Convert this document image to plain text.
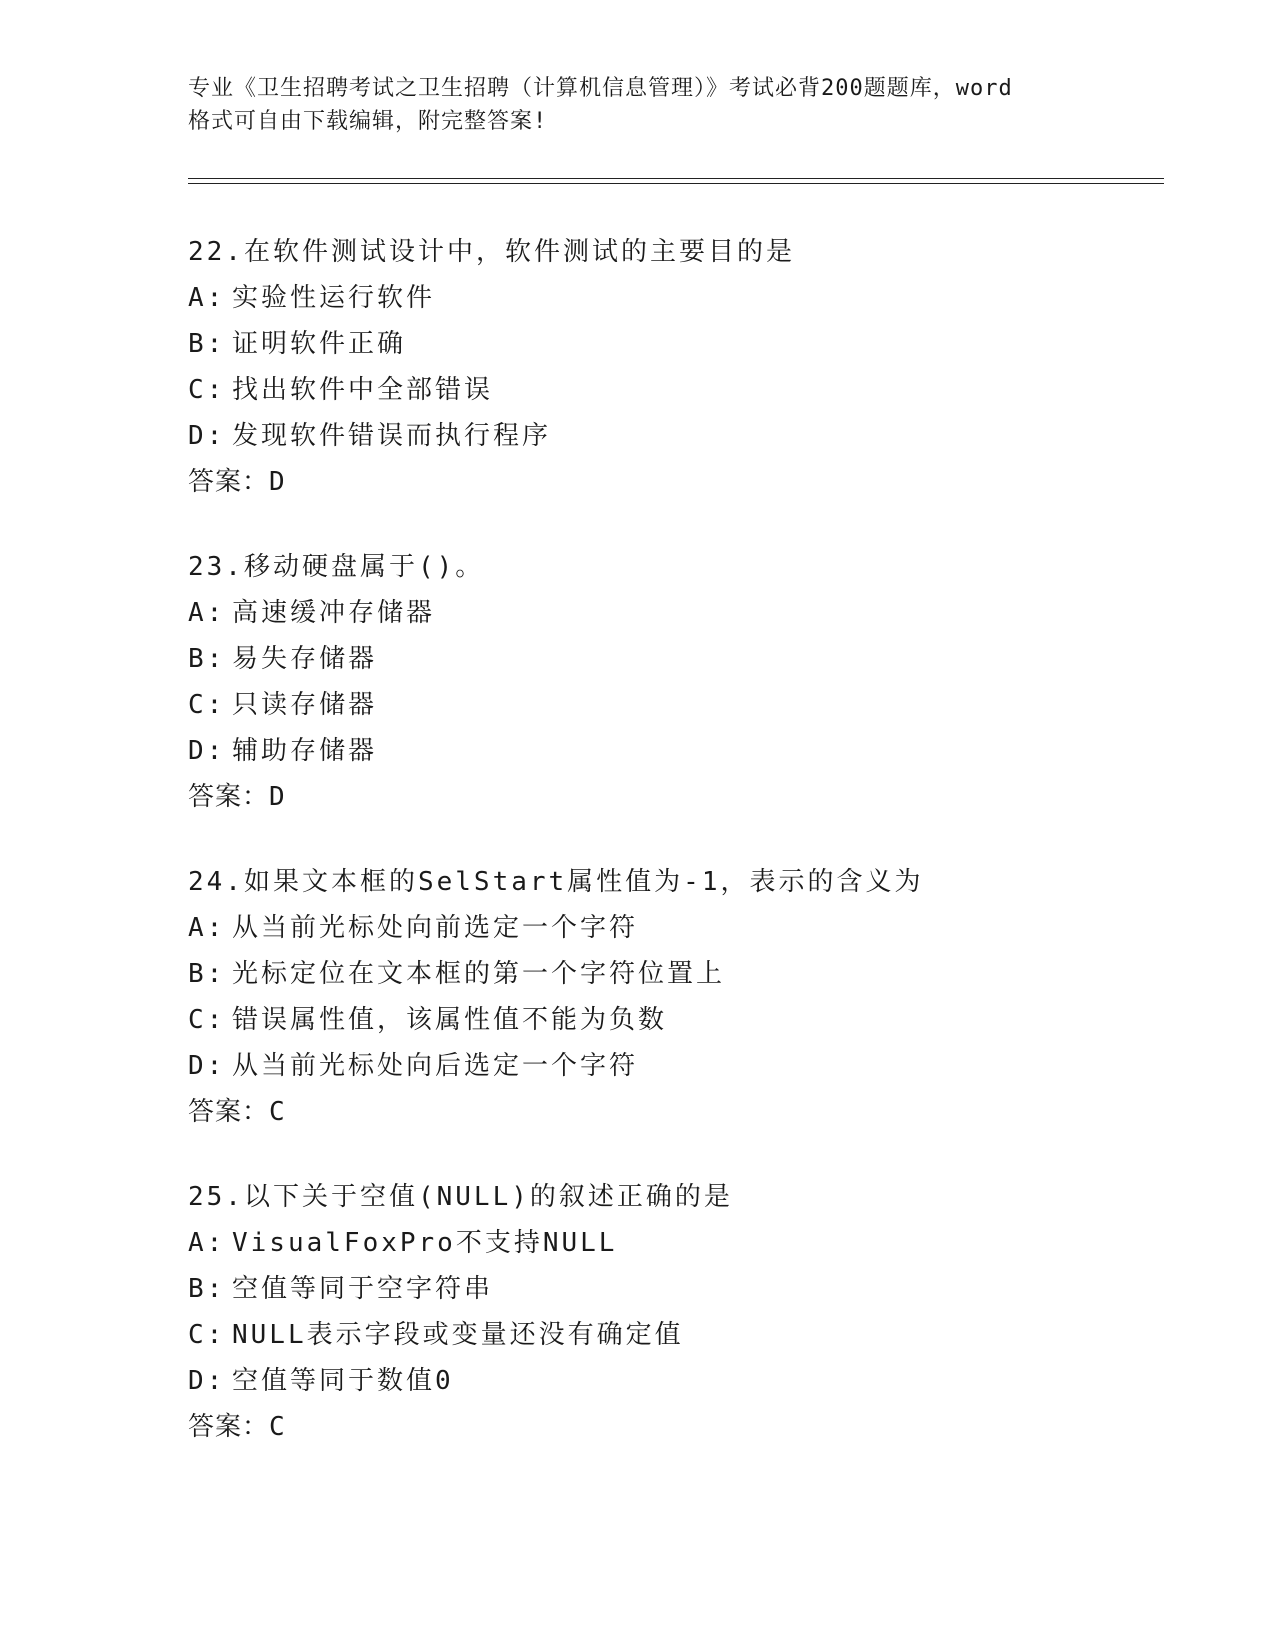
专业《卫生招聘考试之卫生招聘（计算机信息管理）》考试必背200题题库，word
格式可自由下载编辑，附完整答案!
22.在软件测试设计中，软件测试的主要目的是
A: 实验性运行软件
B: 证明软件正确
C: 找出软件中全部错误
D: 发现软件错误而执行程序
答案：D
23.移动硬盘属于()。
A: 高速缓冲存储器
B: 易失存储器
C: 只读存储器
D: 辅助存储器
答案：D
24.如果文本框的SelStart属性值为-1，表示的含义为
A: 从当前光标处向前选定一个字符
B: 光标定位在文本框的第一个字符位置上
C: 错误属性值，该属性值不能为负数
D: 从当前光标处向后选定一个字符
答案：C
25.以下关于空值(NULL)的叙述正确的是
A: VisualFoxPro不支持NULL
B: 空值等同于空字符串
C: NULL表示字段或变量还没有确定值
D: 空值等同于数值0
答案：C
